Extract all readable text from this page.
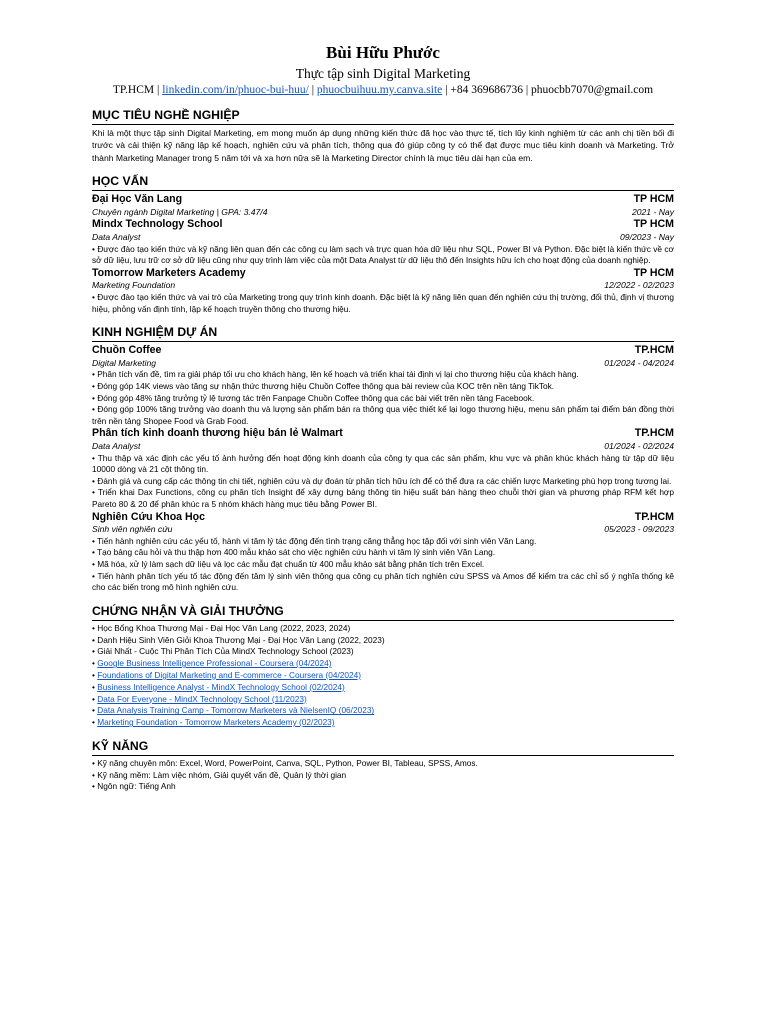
Bùi Hữu Phước
Thực tập sinh Digital Marketing
TP.HCM | linkedin.com/in/phuoc-bui-huu/ | phuocbuihuu.my.canva.site | +84 369686736 | phuocbb7070@gmail.com
MỤC TIÊU NGHỀ NGHIỆP
Khi là một thực tập sinh Digital Marketing, em mong muốn áp dụng những kiến thức đã học vào thực tế, tích lũy kinh nghiệm từ các anh chị tiền bối đi trước và cải thiện kỹ năng lập kế hoạch, nghiên cứu và phân tích, thông qua đó giúp công ty có thể đạt được mục tiêu kinh doanh và Marketing. Trở thành Marketing Manager trong 5 năm tới và xa hơn nữa sẽ là Marketing Director chính là mục tiêu dài hạn của em.
HỌC VẤN
Đại Học Văn Lang	TP HCM
Chuyên ngành Digital Marketing | GPA: 3.47/4	2021 - Nay
Mindx Technology School	TP HCM
Data Analyst	09/2023 - Nay
• Được đào tạo kiến thức và kỹ năng liên quan đến các công cụ làm sạch và trực quan hóa dữ liệu như SQL, Power BI và Python. Đặc biệt là kiến thức về cơ sở dữ liệu, lưu trữ cơ sở dữ liệu cũng như quy trình làm việc của một Data Analyst từ dữ liệu thô đến Insights hữu ích cho hoạt động của doanh nghiệp.
Tomorrow Marketers Academy	TP HCM
Marketing Foundation	12/2022 - 02/2023
• Được đào tạo kiến thức và vai trò của Marketing trong quy trình kinh doanh. Đặc biệt là kỹ năng liên quan đến nghiên cứu thị trường, đối thủ, định vị thương hiệu, phỏng vấn định tính, lập kế hoạch truyền thông cho thương hiệu.
KINH NGHIỆM DỰ ÁN
Chuồn Coffee	TP.HCM
Digital Marketing	01/2024 - 04/2024
• Phân tích vấn đề, tìm ra giải pháp tối ưu cho khách hàng, lên kế hoạch và triển khai tái định vị lại cho thương hiệu của khách hàng.
• Đóng góp 14K views vào tăng sự nhận thức thương hiệu Chuồn Coffee thông qua bài review của KOC trên nền tảng TikTok.
• Đóng góp 48% tăng trưởng tỷ lệ tương tác trên Fanpage Chuồn Coffee thông qua các bài viết trên nền tảng Facebook.
• Đóng góp 100% tăng trưởng vào doanh thu và lượng sản phẩm bán ra thông qua việc thiết kế lại logo thương hiệu, menu sản phẩm tại điểm bán đồng thời trên nền tảng Shopee Food và Grab Food.
Phân tích kinh doanh thương hiệu bán lẻ Walmart	TP.HCM
Data Analyst	01/2024 - 02/2024
• Thu thập và xác định các yếu tố ảnh hưởng đến hoạt động kinh doanh của công ty qua các sản phẩm, khu vực và phân khúc khách hàng từ tập dữ liệu 10000 dòng và 21 cột thông tin.
• Đánh giá và cung cấp các thông tin chi tiết, nghiên cứu và dự đoán từ phân tích hữu ích để có thể đưa ra các chiến lược Marketing phù hợp trong tương lai.
• Triển khai Dax Functions, công cụ phân tích Insight để xây dựng bảng thông tin hiệu suất bán hàng theo chuỗi thời gian và phương pháp RFM kết hợp Pareto 80 & 20 để phân khúc ra 5 nhóm khách hàng mục tiêu bằng Power BI.
Nghiên Cứu Khoa Học	TP.HCM
Sinh viên nghiên cứu	05/2023 - 09/2023
• Tiến hành nghiên cứu các yếu tố, hành vi tâm lý tác động đến tình trạng căng thẳng học tập đối với sinh viên Văn Lang.
• Tạo bảng câu hỏi và thu thập hơn 400 mẫu khảo sát cho việc nghiên cứu hành vi tâm lý sinh viên Văn Lang.
• Mã hóa, xử lý làm sạch dữ liệu và lọc các mẫu đạt chuẩn từ 400 mẫu khảo sát bằng phân tích trên Excel.
• Tiến hành phân tích yếu tố tác động đến tâm lý sinh viên thông qua công cụ phân tích nghiên cứu SPSS và Amos để kiểm tra các chỉ số ý nghĩa thống kê cho các biến trong mô hình nghiên cứu.
CHỨNG NHẬN VÀ GIẢI THƯỞNG
• Học Bổng Khoa Thương Mại - Đại Học Văn Lang (2022, 2023, 2024)
• Danh Hiệu Sinh Viên Giỏi Khoa Thương Mại - Đại Học Văn Lang (2022, 2023)
• Giải Nhất - Cuộc Thi Phân Tích Của MindX Technology School (2023)
• Google Business Intelligence Professional - Coursera (04/2024)
• Foundations of Digital Marketing and E-commerce - Coursera (04/2024)
• Business Intelligence Analyst - MindX Technology School (02/2024)
• Data For Everyone - MindX Technology School (11/2023)
• Data Analysis Training Camp - Tomorrow Marketers và NielsenIQ (06/2023)
• Marketing Foundation - Tomorrow Marketers Academy (02/2023)
KỸ NĂNG
• Kỹ năng chuyên môn: Excel, Word, PowerPoint, Canva, SQL, Python, Power BI, Tableau, SPSS, Amos.
• Kỹ năng mềm: Làm việc nhóm, Giải quyết vấn đề, Quản lý thời gian
• Ngôn ngữ: Tiếng Anh
